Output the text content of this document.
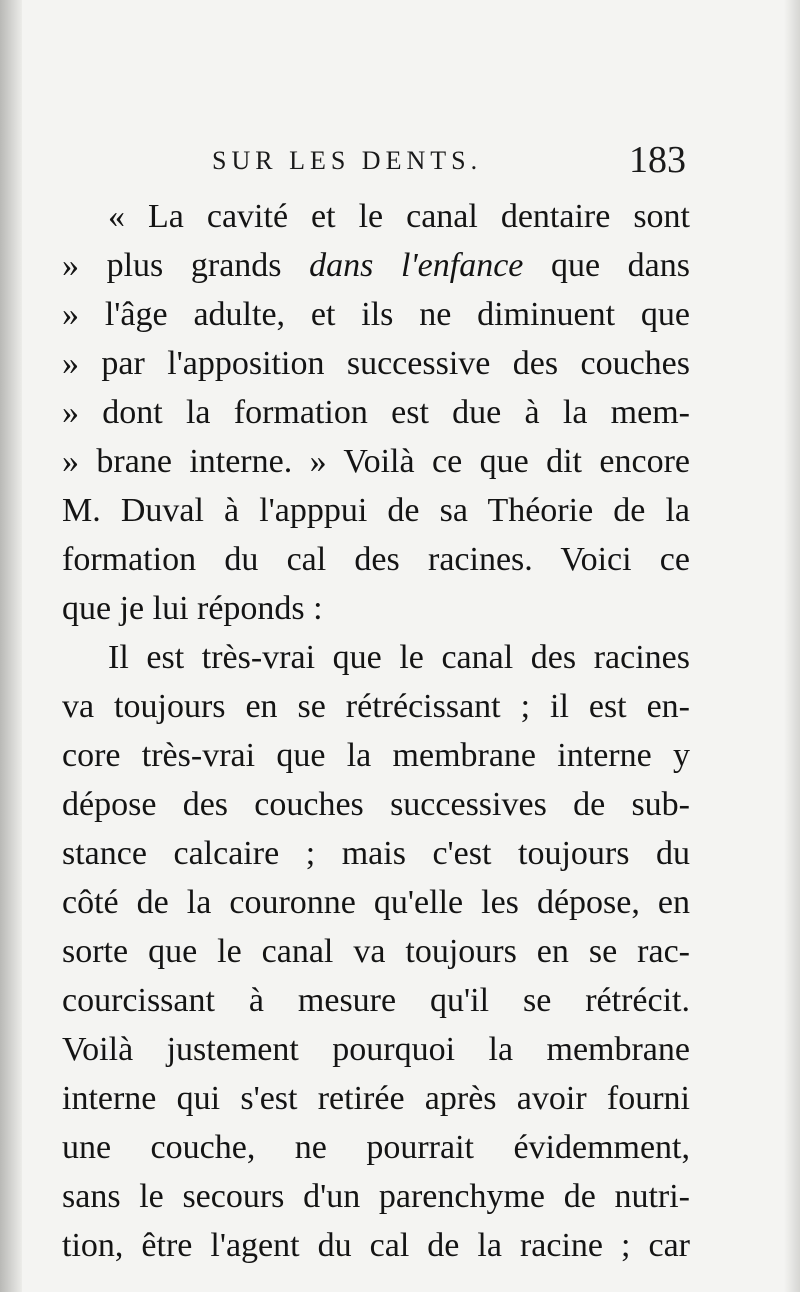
SUR LES DENTS.	183
« La cavité et le canal dentaire sont
» plus grands dans l'enfance que dans
» l'âge adulte, et ils ne diminuent que
» par l'apposition successive des couches
» dont la formation est due à la mem-
» brane interne. » Voilà ce que dit encore
M. Duval à l'apppui de sa Théorie de la
formation du cal des racines. Voici ce
que je lui réponds :
Il est très-vrai que le canal des racines
va toujours en se rétrécissant ; il est en-
core très-vrai que la membrane interne y
dépose des couches successives de sub-
stance calcaire ; mais c'est toujours du
côté de la couronne qu'elle les dépose, en
sorte que le canal va toujours en se rac-
courcissant à mesure qu'il se rétrécit.
Voilà justement pourquoi la membrane
interne qui s'est retirée après avoir fourni
une couche, ne pourrait évidemment,
sans le secours d'un parenchyme de nutri-
tion, être l'agent du cal de la racine ; car
